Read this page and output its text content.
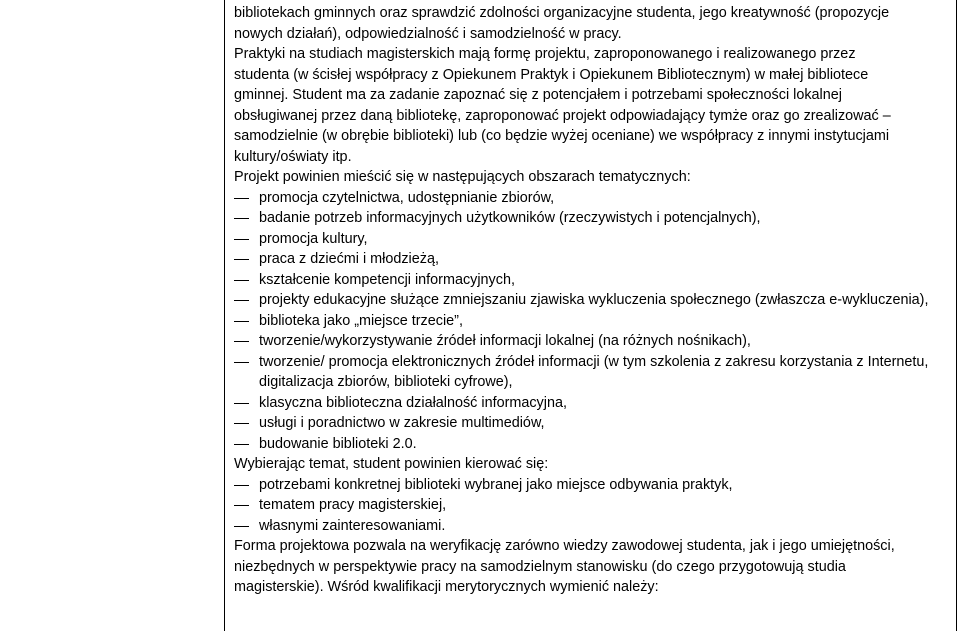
bibliotekach gminnych oraz sprawdzić zdolności organizacyjne studenta, jego kreatywność (propozycje
nowych działań), odpowiedzialność i samodzielność w pracy.
Praktyki na studiach magisterskich mają formę projektu, zaproponowanego i realizowanego przez
studenta (w ścisłej współpracy z Opiekunem Praktyk i Opiekunem Bibliotecznym) w małej bibliotece
gminnej. Student ma za zadanie zapoznać się z potencjałem i potrzebami społeczności lokalnej
obsługiwanej przez daną bibliotekę, zaproponować projekt odpowiadający tymże oraz go zrealizować –
samodzielnie (w obrębie biblioteki) lub (co będzie wyżej oceniane) we współpracy z innymi instytucjami
kultury/oświaty itp.
Projekt powinien mieścić się w następujących obszarach tematycznych:
promocja czytelnictwa, udostępnianie zbiorów,
badanie potrzeb informacyjnych użytkowników (rzeczywistych i potencjalnych),
promocja kultury,
praca z dziećmi i młodzieżą,
kształcenie kompetencji informacyjnych,
projekty edukacyjne służące zmniejszaniu zjawiska wykluczenia społecznego (zwłaszcza e-wykluczenia),
biblioteka jako „miejsce trzecie”,
tworzenie/wykorzystywanie źródeł informacji lokalnej (na różnych nośnikach),
tworzenie/ promocja elektronicznych źródeł informacji (w tym szkolenia z zakresu korzystania z Internetu, digitalizacja zbiorów, biblioteki cyfrowe),
klasyczna biblioteczna działalność informacyjna,
usługi i poradnictwo w zakresie multimediów,
budowanie biblioteki 2.0.
Wybierając temat, student powinien kierować się:
potrzebami konkretnej biblioteki wybranej jako miejsce odbywania praktyk,
tematem pracy magisterskiej,
własnymi zainteresowaniami.
Forma projektowa pozwala na weryfikację zarówno wiedzy zawodowej studenta, jak i jego umiejętności,
niezbędnych w perspektywie pracy na samodzielnym stanowisku (do czego przygotowują studia
magisterskie). Wśród kwalifikacji merytorycznych wymienić należy:
